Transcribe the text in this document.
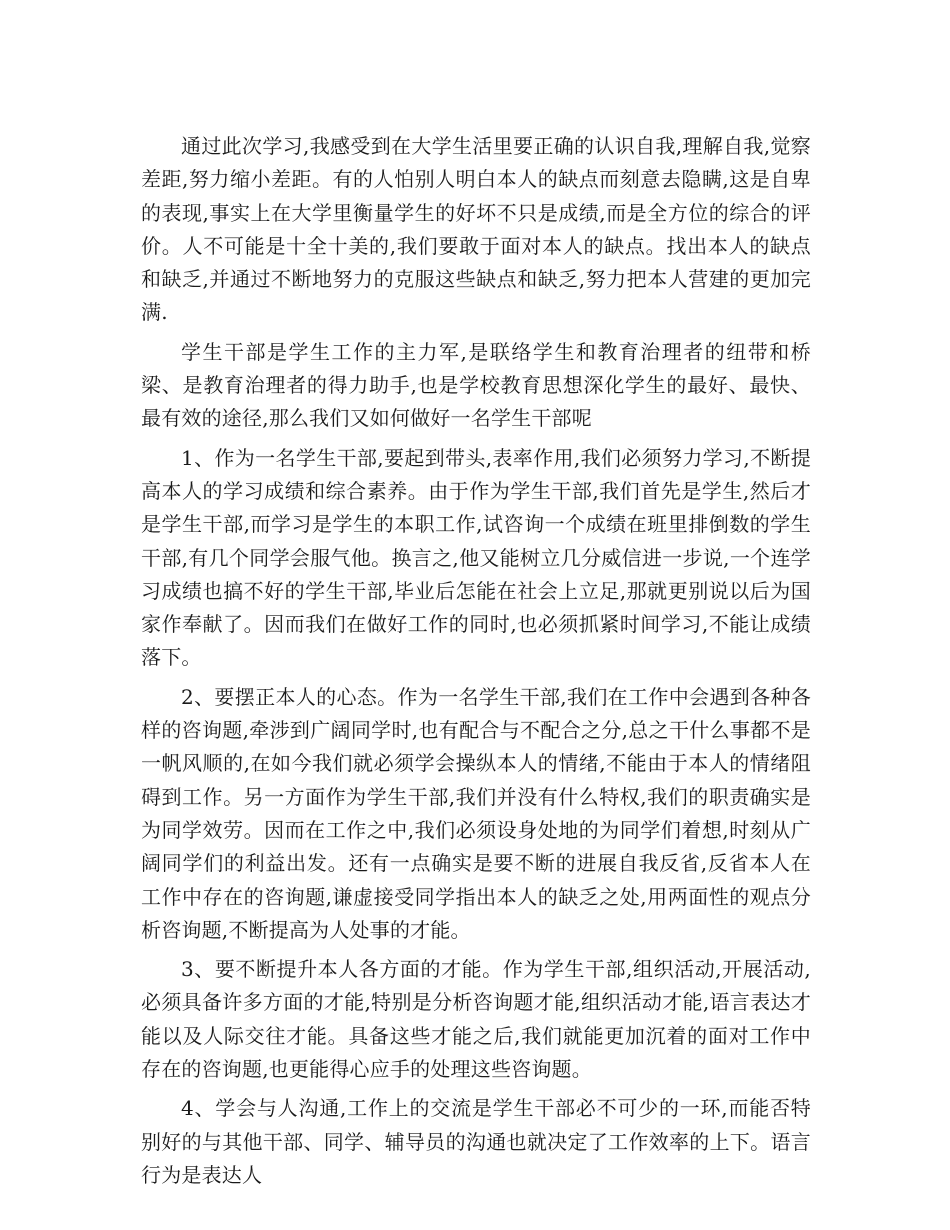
通过此次学习,我感受到在大学生活里要正确的认识自我,理解自我,觉察差距,努力缩小差距。有的人怕别人明白本人的缺点而刻意去隐瞒,这是自卑的表现,事实上在大学里衡量学生的好坏不只是成绩,而是全方位的综合的评价。人不可能是十全十美的,我们要敢于面对本人的缺点。找出本人的缺点和缺乏,并通过不断地努力的克服这些缺点和缺乏,努力把本人营建的更加完满.

学生干部是学生工作的主力军,是联络学生和教育治理者的纽带和桥梁、是教育治理者的得力助手,也是学校教育思想深化学生的最好、最快、最有效的途径,那么我们又如何做好一名学生干部呢

1、作为一名学生干部,要起到带头,表率作用,我们必须努力学习,不断提高本人的学习成绩和综合素养。由于作为学生干部,我们首先是学生,然后才是学生干部,而学习是学生的本职工作,试咨询一个成绩在班里排倒数的学生干部,有几个同学会服气他。换言之,他又能树立几分威信进一步说,一个连学习成绩也搞不好的学生干部,毕业后怎能在社会上立足,那就更别说以后为国家作奉献了。因而我们在做好工作的同时,也必须抓紧时间学习,不能让成绩落下。

2、要摆正本人的心态。作为一名学生干部,我们在工作中会遇到各种各样的咨询题,牵涉到广阔同学时,也有配合与不配合之分,总之干什么事都不是一帆风顺的,在如今我们就必须学会操纵本人的情绪,不能由于本人的情绪阻碍到工作。另一方面作为学生干部,我们并没有什么特权,我们的职责确实是为同学效劳。因而在工作之中,我们必须设身处地的为同学们着想,时刻从广阔同学们的利益出发。还有一点确实是要不断的进展自我反省,反省本人在工作中存在的咨询题,谦虚接受同学指出本人的缺乏之处,用两面性的观点分析咨询题,不断提高为人处事的才能。

3、要不断提升本人各方面的才能。作为学生干部,组织活动,开展活动,必须具备许多方面的才能,特别是分析咨询题才能,组织活动才能,语言表达才能以及人际交往才能。具备这些才能之后,我们就能更加沉着的面对工作中存在的咨询题,也更能得心应手的处理这些咨询题。

4、学会与人沟通,工作上的交流是学生干部必不可少的一环,而能否特别好的与其他干部、同学、辅导员的沟通也就决定了工作效率的上下。语言行为是表达人
